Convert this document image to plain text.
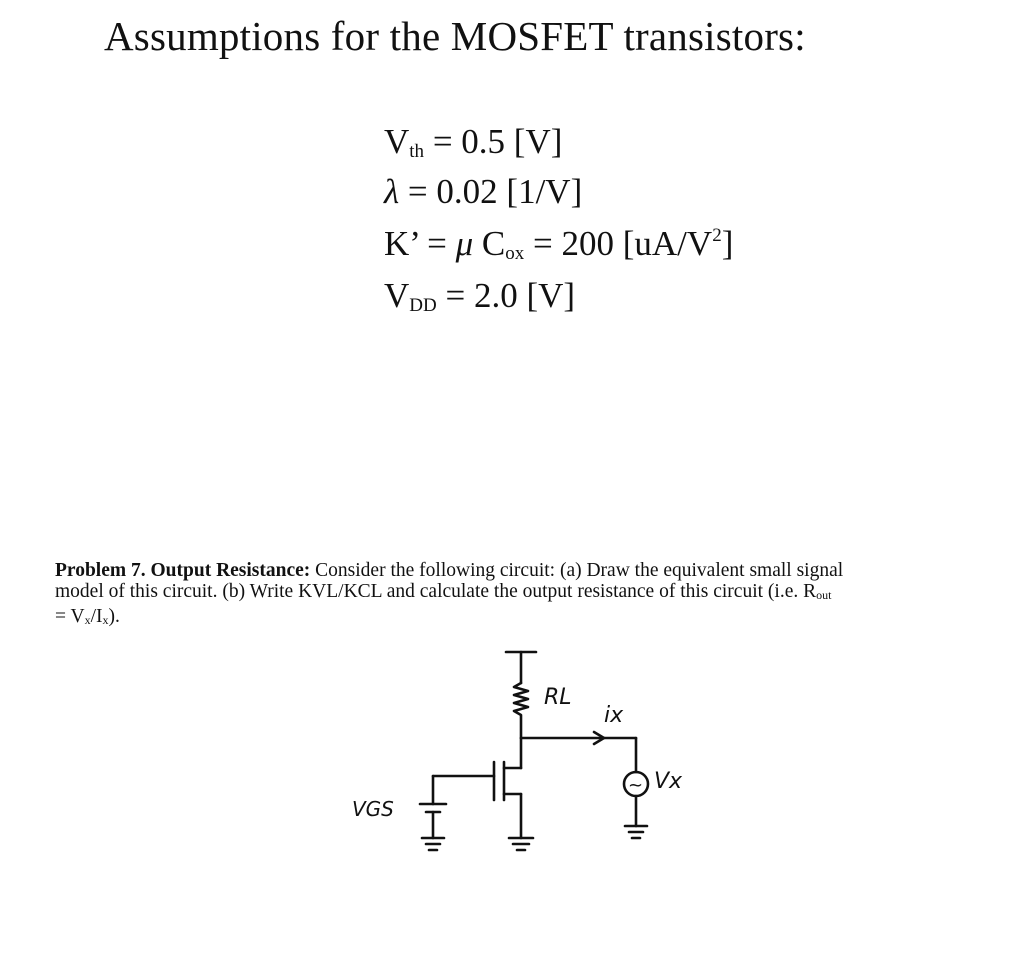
Assumptions for the MOSFET transistors:
$V_{th} = 0.5$ [V]
λ = 0.02 [1/V]
K’ = μ $C_{ox} = 200$ $[uA/V^2]$
$V_{DD} = 2.0$ [V]
Problem 7. Output Resistance: Consider the following circuit: (a) Draw the equivalent small signal
model of this circuit. (b) Write KVL/KCL and calculate the output resistance of this circuit (i.e. Rout
= Vx/Ix).
RL
ix
VGS
~ Vx
